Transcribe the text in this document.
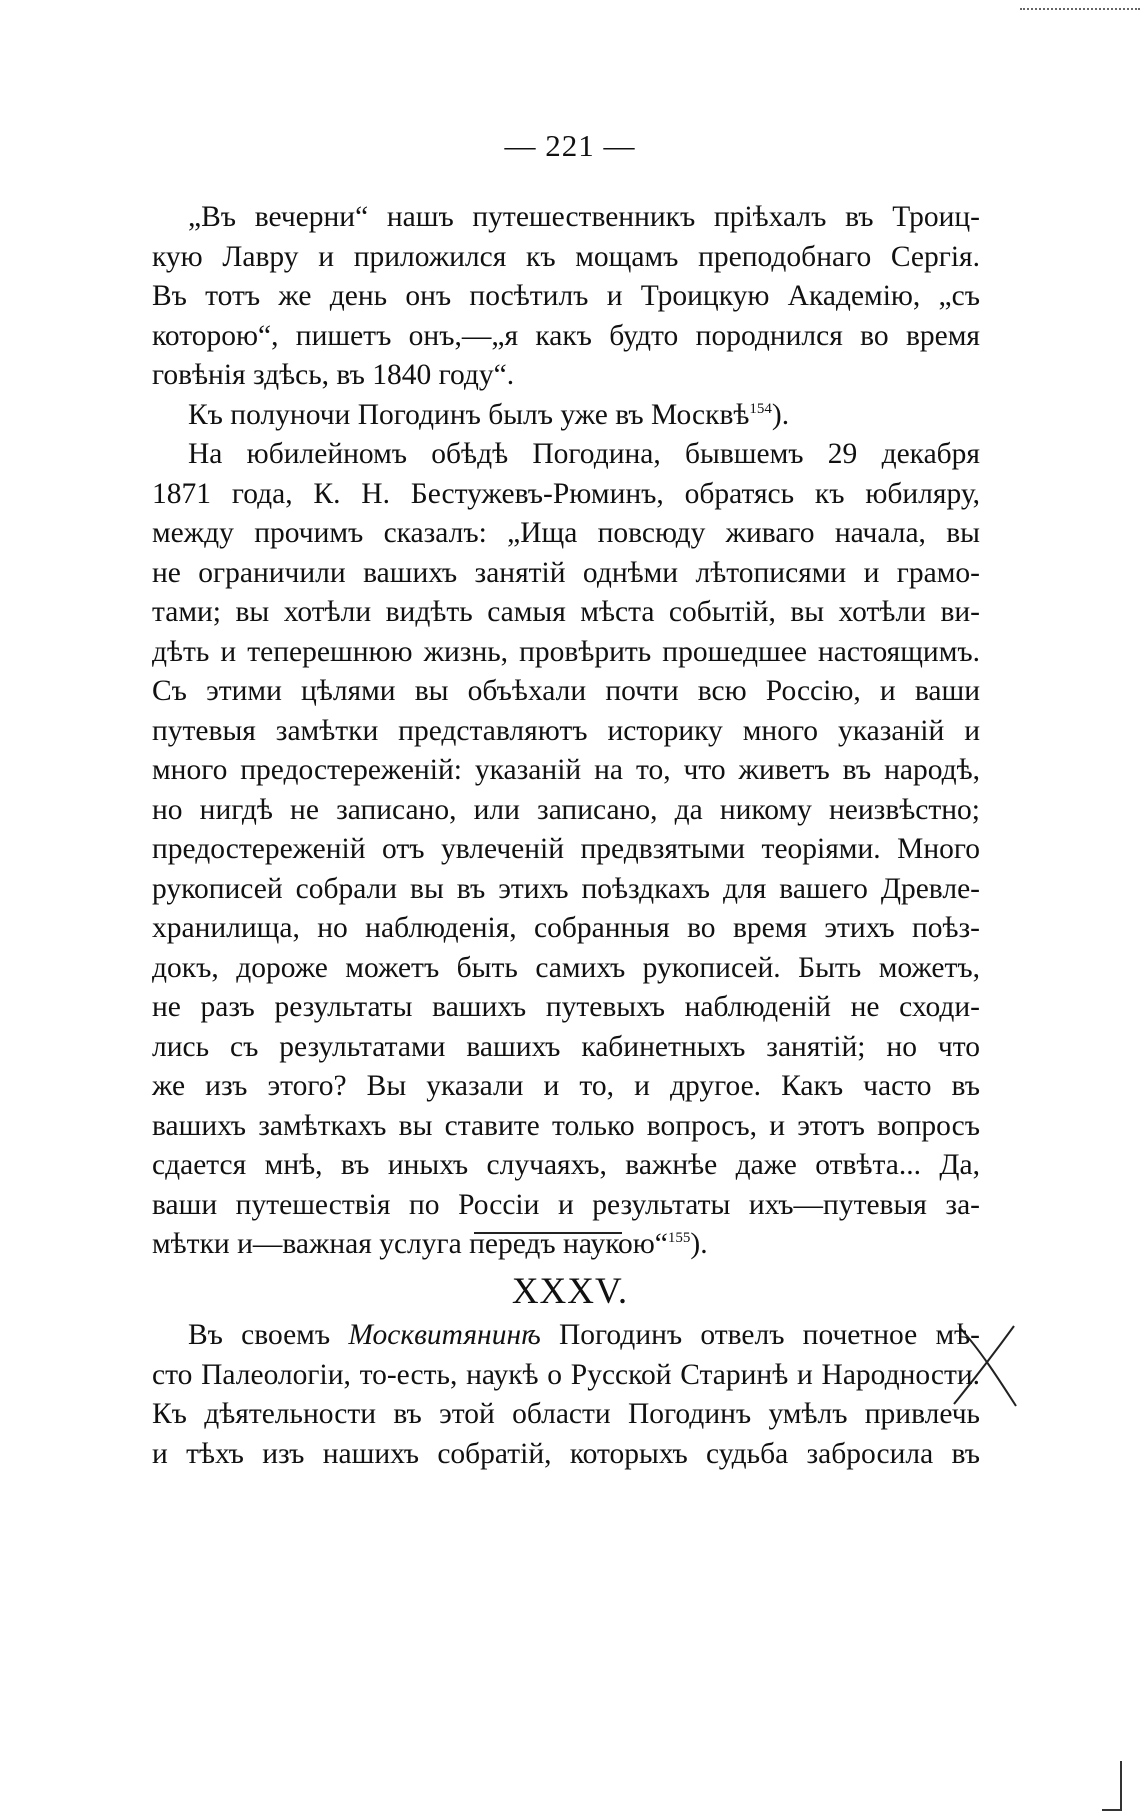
— 221 —
„Въ вечерни“ нашъ путешественникъ пріѣхалъ въ Троиц-
кую Лавру и приложился къ мощамъ преподобнаго Сергія.
Въ тотъ же день онъ посѣтилъ и Троицкую Академію, „съ
которою“, пишетъ онъ,—„я какъ будто породнился во время
говѣнія здѣсь, въ 1840 году“.
Къ полуночи Погодинъ былъ уже въ Москвѣ$^{154}$).
На юбилейномъ обѣдѣ Погодина, бывшемъ 29 декабря
1871 года, К. Н. Бестужевъ-Рюминъ, обратясь къ юбиляру,
между прочимъ сказалъ: „Ища повсюду живаго начала, вы
не ограничили вашихъ занятій однѣми лѣтописями и грамо-
тами; вы хотѣли видѣть самыя мѣста событій, вы хотѣли ви-
дѣть и теперешнюю жизнь, провѣрить прошедшее настоящимъ.
Съ этими цѣлями вы объѣхали почти всю Россію, и ваши
путевыя замѣтки представляютъ историку много указаній и
много предостереженій: указаній на то, что живетъ въ народѣ,
но нигдѣ не записано, или записано, да никому неизвѣстно;
предостереженій отъ увлеченій предвзятыми теоріями. Много
рукописей собрали вы въ этихъ поѣздкахъ для вашего Древле-
хранилища, но наблюденія, собранныя во время этихъ поѣз-
докъ, дороже можетъ быть самихъ рукописей. Быть можетъ,
не разъ результаты вашихъ путевыхъ наблюденій не сходи-
лись съ результатами вашихъ кабинетныхъ занятій; но что
же изъ этого? Вы указали и то, и другое. Какъ часто въ
вашихъ замѣткахъ вы ставите только вопросъ, и этотъ вопросъ
сдается мнѣ, въ иныхъ случаяхъ, важнѣе даже отвѣта... Да,
ваши путешествія по Россіи и результаты ихъ—путевыя за-
мѣтки и—важная услуга передъ наукою“$^{155}$).
XXXV.
Въ своемъ Москвитянинѣ Погодинъ отвелъ почетное мѣ-
сто Палеологіи, то-есть, наукѣ о Русской Старинѣ и Народности.
Къ дѣятельности въ этой области Погодинъ умѣлъ привлечь
и тѣхъ изъ нашихъ собратій, которыхъ судьба забросила въ
